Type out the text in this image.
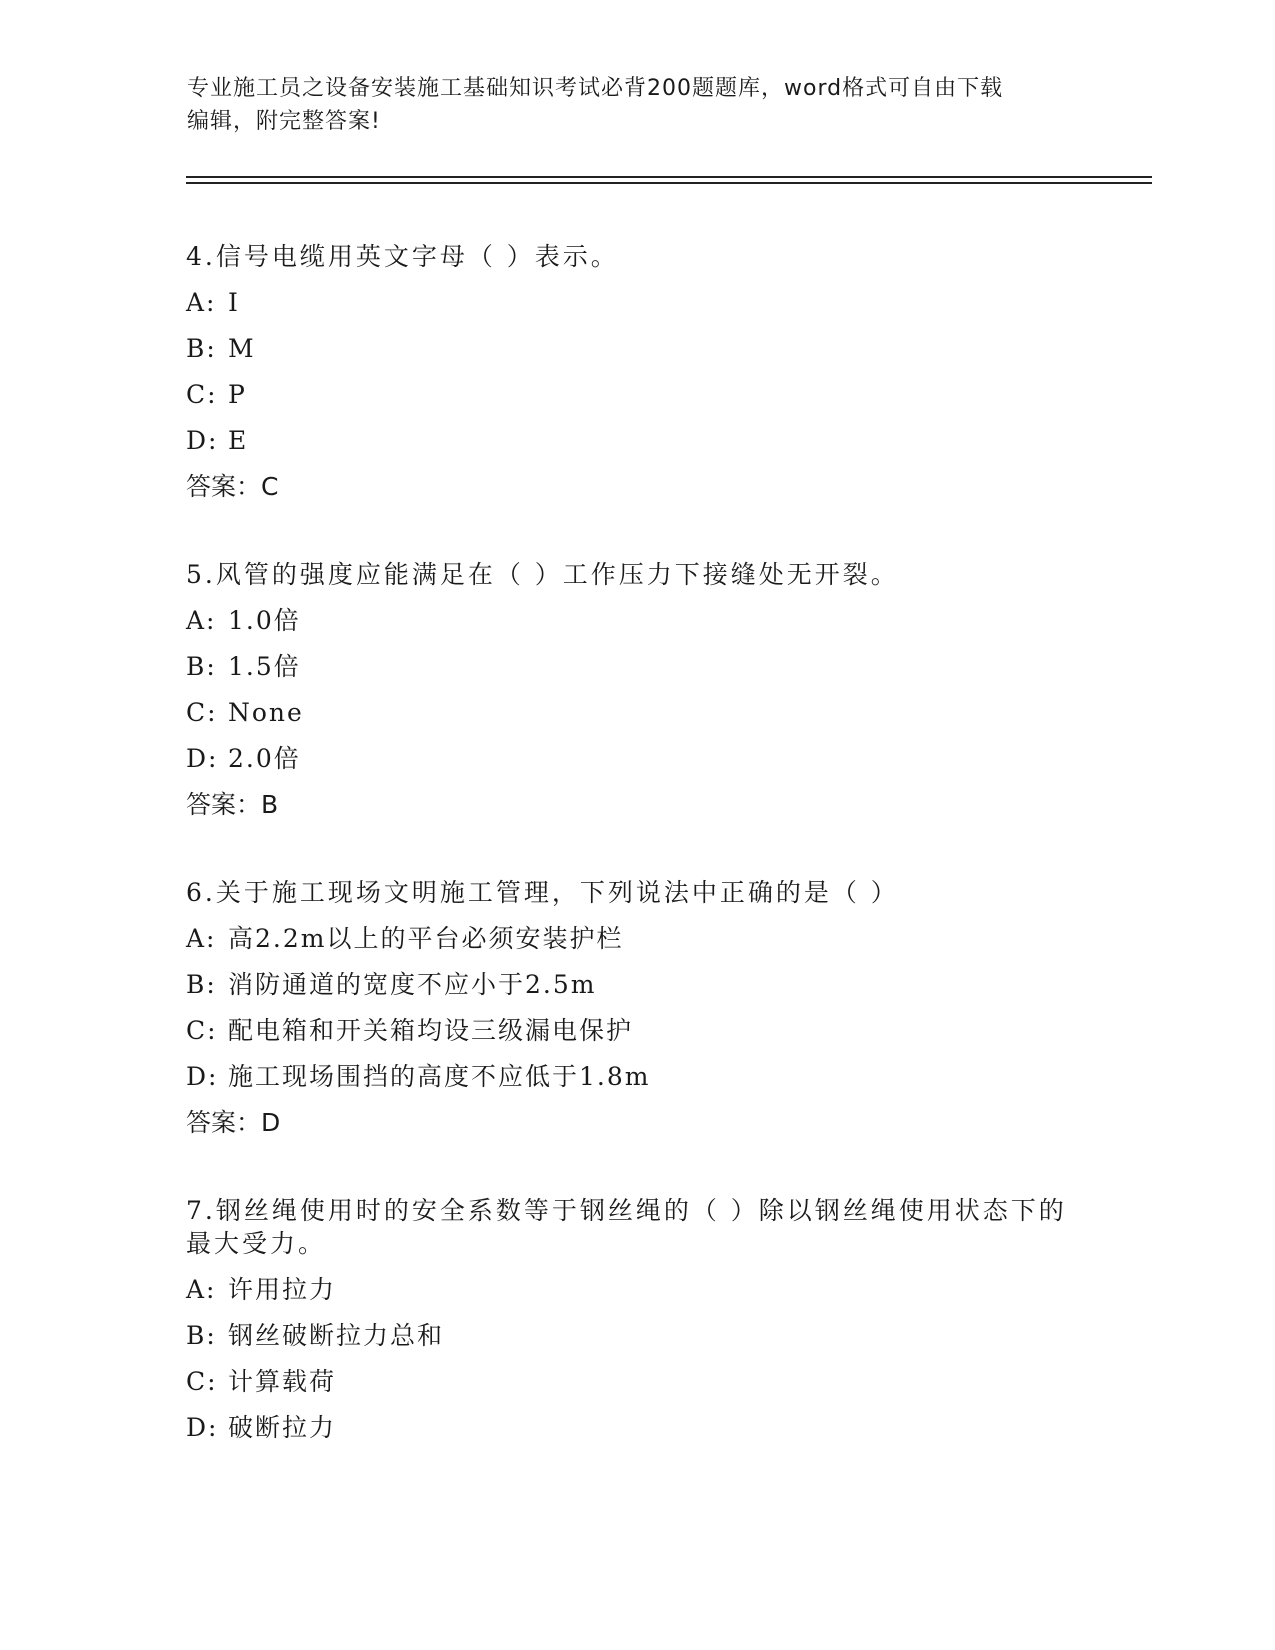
专业施工员之设备安装施工基础知识考试必背200题题库，word格式可自由下载
编辑，附完整答案!
4.信号电缆用英文字母（ ）表示。
A: I
B: M
C: P
D: E
答案：C
5.风管的强度应能满足在（ ）工作压力下接缝处无开裂。
A: 1.0倍
B: 1.5倍
C: None
D: 2.0倍
答案：B
6.关于施工现场文明施工管理，下列说法中正确的是（ ）
A: 高2.2m以上的平台必须安装护栏
B: 消防通道的宽度不应小于2.5m
C: 配电箱和开关箱均设三级漏电保护
D: 施工现场围挡的高度不应低于1.8m
答案：D
7.钢丝绳使用时的安全系数等于钢丝绳的（ ）除以钢丝绳使用状态下的最大受力。
A: 许用拉力
B: 钢丝破断拉力总和
C: 计算载荷
D: 破断拉力
